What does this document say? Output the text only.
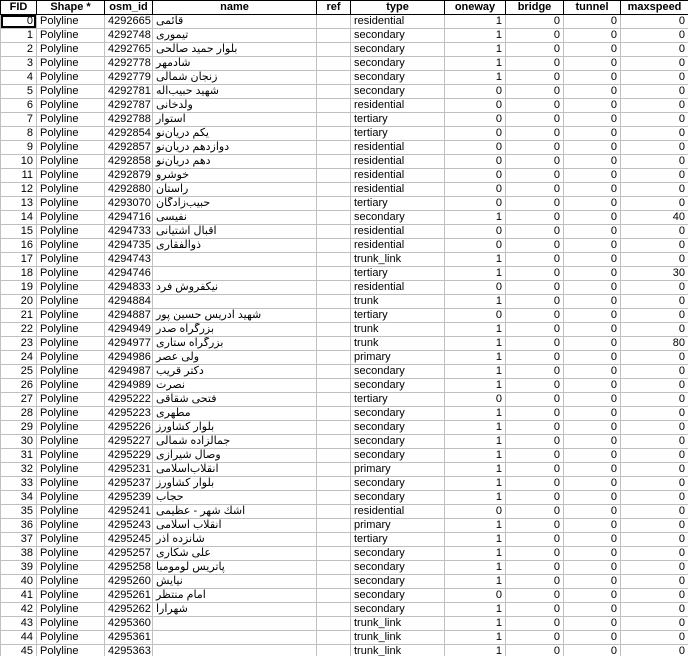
FID	Shape *	osm_id	name	ref	type	oneway	bridge	tunnel	maxspeed
0	Polyline	4292665	قائمی		residential	1	0	0	0
1	Polyline	4292748	تیموری		secondary	1	0	0	0
2	Polyline	4292765	بلوار حمید صالحی		secondary	1	0	0	0
3	Polyline	4292778	شادمهر		secondary	1	0	0	0
4	Polyline	4292779	زنجان شمالی		secondary	1	0	0	0
5	Polyline	4292781	شهید حبیب‌اله		secondary	0	0	0	0
6	Polyline	4292787	ولدخانی		residential	0	0	0	0
7	Polyline	4292788	استوار		tertiary	0	0	0	0
8	Polyline	4292854	یکم دریان‌نو		tertiary	0	0	0	0
9	Polyline	4292857	دوازدهم دریان‌نو		residential	0	0	0	0
10	Polyline	4292858	دهم دریان‌نو		residential	0	0	0	0
11	Polyline	4292879	خوشرو		residential	0	0	0	0
12	Polyline	4292880	راستان		residential	0	0	0	0
13	Polyline	4293070	حبیب‌زادگان		tertiary	0	0	0	0
14	Polyline	4294716	نفیسی		secondary	1	0	0	40
15	Polyline	4294733	اقبال آشتیانی		residential	0	0	0	0
16	Polyline	4294735	ذوالفقاری		residential	0	0	0	0
17	Polyline	4294743			trunk_link	1	0	0	0
18	Polyline	4294746			tertiary	1	0	0	30
19	Polyline	4294833	نیکفروش فرد		residential	0	0	0	0
20	Polyline	4294884			trunk	1	0	0	0
21	Polyline	4294887	شهید ادریس حسین پور		tertiary	0	0	0	0
22	Polyline	4294949	بزرگراه صدر		trunk	1	0	0	0
23	Polyline	4294977	بزرگراه ستاری		trunk	1	0	0	80
24	Polyline	4294986	ولی عصر		primary	1	0	0	0
25	Polyline	4294987	دکتر قریب		secondary	1	0	0	0
26	Polyline	4294989	نصرت		secondary	1	0	0	0
27	Polyline	4295222	فتحی شقاقی		tertiary	0	0	0	0
28	Polyline	4295223	مطهری		secondary	1	0	0	0
29	Polyline	4295226	بلوار کشاورز		secondary	1	0	0	0
30	Polyline	4295227	جمالزاده شمالی		secondary	1	0	0	0
31	Polyline	4295229	وصال شیرازی		secondary	1	0	0	0
32	Polyline	4295231	انقلاب‌اسلامی		primary	1	0	0	0
33	Polyline	4295237	بلوار کشاورز		secondary	1	0	0	0
34	Polyline	4295239	حجاب		secondary	1	0	0	0
35	Polyline	4295241	اشك شهر - عظیمی		residential	0	0	0	0
36	Polyline	4295243	انقلاب اسلامی		primary	1	0	0	0
37	Polyline	4295245	شانزده آذر		tertiary	1	0	0	0
38	Polyline	4295257	علی شکاری		secondary	1	0	0	0
39	Polyline	4295258	پاتریس لومومبا		secondary	1	0	0	0
40	Polyline	4295260	نیایش		secondary	1	0	0	0
41	Polyline	4295261	امام منتظر		secondary	0	0	0	0
42	Polyline	4295262	شهرآرا		secondary	1	0	0	0
43	Polyline	4295360			trunk_link	1	0	0	0
44	Polyline	4295361			trunk_link	1	0	0	0
45	Polyline	4295363			trunk_link	1	0	0	0
